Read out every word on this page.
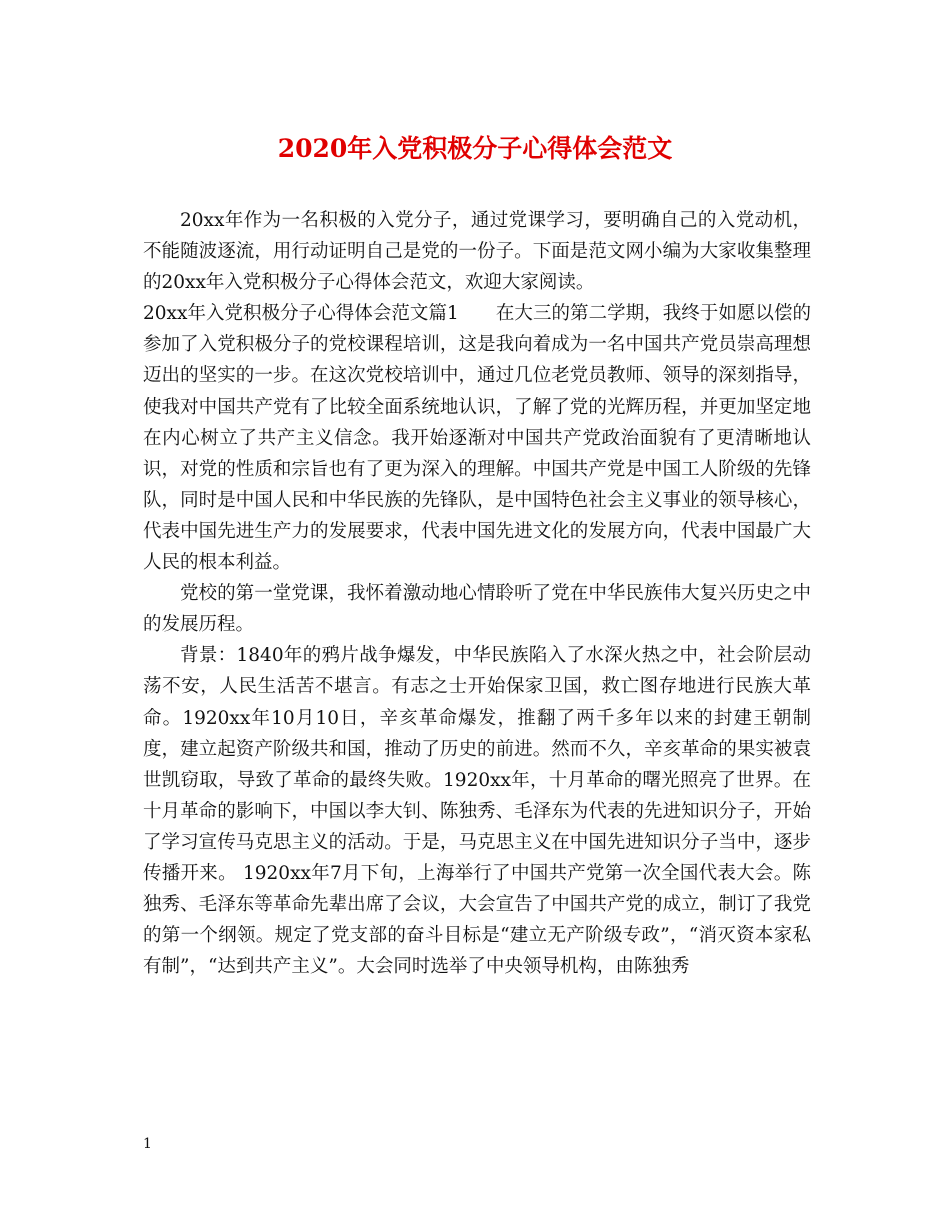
2020年入党积极分子心得体会范文

20xx年作为一名积极的入党分子，通过党课学习，要明确自己的入党动机，不能随波逐流，用行动证明自己是党的一份子。下面是范文网小编为大家收集整理的20xx年入党积极分子心得体会范文，欢迎大家阅读。

20xx年入党积极分子心得体会范文篇1　　在大三的第二学期，我终于如愿以偿的参加了入党积极分子的党校课程培训，这是我向着成为一名中国共产党员崇高理想迈出的坚实的一步。在这次党校培训中，通过几位老党员教师、领导的深刻指导，使我对中国共产党有了比较全面系统地认识，了解了党的光辉历程，并更加坚定地在内心树立了共产主义信念。我开始逐渐对中国共产党政治面貌有了更清晰地认识，对党的性质和宗旨也有了更为深入的理解。中国共产党是中国工人阶级的先锋队，同时是中国人民和中华民族的先锋队，是中国特色社会主义事业的领导核心，代表中国先进生产力的发展要求，代表中国先进文化的发展方向，代表中国最广大人民的根本利益。

党校的第一堂党课，我怀着激动地心情聆听了党在中华民族伟大复兴历史之中的发展历程。

背景：1840年的鸦片战争爆发，中华民族陷入了水深火热之中，社会阶层动荡不安，人民生活苦不堪言。有志之士开始保家卫国，救亡图存地进行民族大革命。1920xx年10月10日，辛亥革命爆发，推翻了两千多年以来的封建王朝制度，建立起资产阶级共和国，推动了历史的前进。然而不久，辛亥革命的果实被袁世凯窃取，导致了革命的最终失败。1920xx年，十月革命的曙光照亮了世界。在十月革命的影响下，中国以李大钊、陈独秀、毛泽东为代表的先进知识分子，开始了学习宣传马克思主义的活动。于是，马克思主义在中国先进知识分子当中，逐步传播开来。 1920xx年7月下旬，上海举行了中国共产党第一次全国代表大会。陈独秀、毛泽东等革命先辈出席了会议，大会宣告了中国共产党的成立，制订了我党的第一个纲领。规定了党支部的奋斗目标是“建立无产阶级专政”，“消灭资本家私有制”，“达到共产主义”。大会同时选举了中央领导机构，由陈独秀

1
